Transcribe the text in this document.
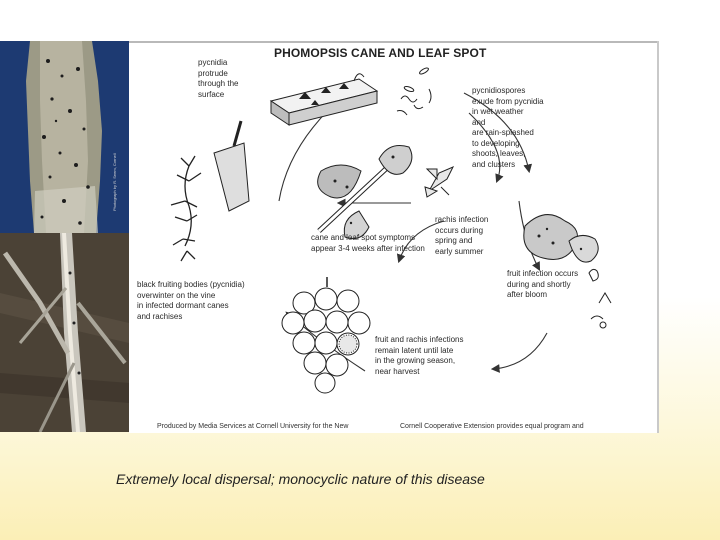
Photograph by R. Seem, Cornell
PHOMOPSIS CANE AND LEAF SPOT
pycnidia
protrude
through the
surface	pycnidiospores
exude from pycnidia
in wet weather
and
are rain-splashed
to developing
shoots, leaves,
and clusters
rachis infection
occurs during
spring and
early summer
cane and leaf spot symptoms
appear 3-4 weeks after infection
fruit infection occurs
during and shortly
after bloom
black fruiting bodies (pycnidia)
overwinter on the vine
in infected dormant canes
and rachises
fruit and rachis infections
remain latent until late
in the growing season,
near harvest
Produced by Media Services at Cornell University for the New	Cornell Cooperative Extension provides equal program and
Extremely local dispersal; monocyclic nature of this disease
